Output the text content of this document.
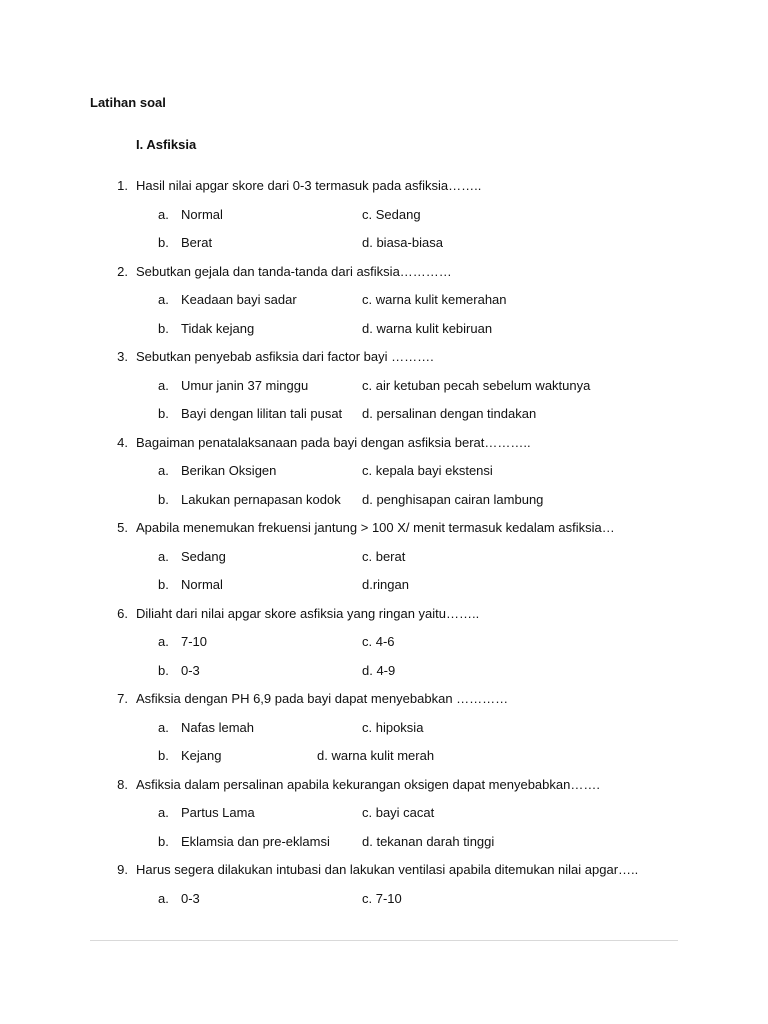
Latihan soal
I. Asfiksia
1. Hasil nilai apgar skore dari 0-3 termasuk pada asfiksia……..
a. Normal	c. Sedang
b. Berat	d. biasa-biasa
2. Sebutkan gejala dan tanda-tanda dari asfiksia…………
a. Keadaan bayi sadar	c. warna kulit kemerahan
b. Tidak kejang	d. warna kulit kebiruan
3. Sebutkan penyebab asfiksia dari factor bayi ……….
a. Umur janin 37 minggu	c. air ketuban pecah sebelum waktunya
b. Bayi dengan lilitan tali pusat d. persalinan dengan tindakan
4. Bagaiman penatalaksanaan pada bayi dengan asfiksia berat………..
a. Berikan Oksigen	c. kepala bayi ekstensi
b. Lakukan pernapasan kodok d. penghisapan cairan lambung
5. Apabila menemukan frekuensi jantung > 100 X/ menit termasuk kedalam asfiksia…
a. Sedang	c. berat
b. Normal	d.ringan
6. Diliaht dari nilai apgar skore asfiksia yang ringan yaitu……..
a. 7-10	c. 4-6
b. 0-3	d. 4-9
7. Asfiksia dengan PH 6,9 pada bayi dapat menyebabkan …………
a. Nafas lemah	c. hipoksia
b. Kejang	d. warna kulit merah
8. Asfiksia dalam persalinan apabila kekurangan oksigen dapat menyebabkan…….
a. Partus Lama	c. bayi cacat
b. Eklamsia dan pre-eklamsi d. tekanan darah tinggi
9. Harus segera dilakukan intubasi dan lakukan ventilasi apabila ditemukan nilai apgar…..
a. 0-3	c. 7-10
